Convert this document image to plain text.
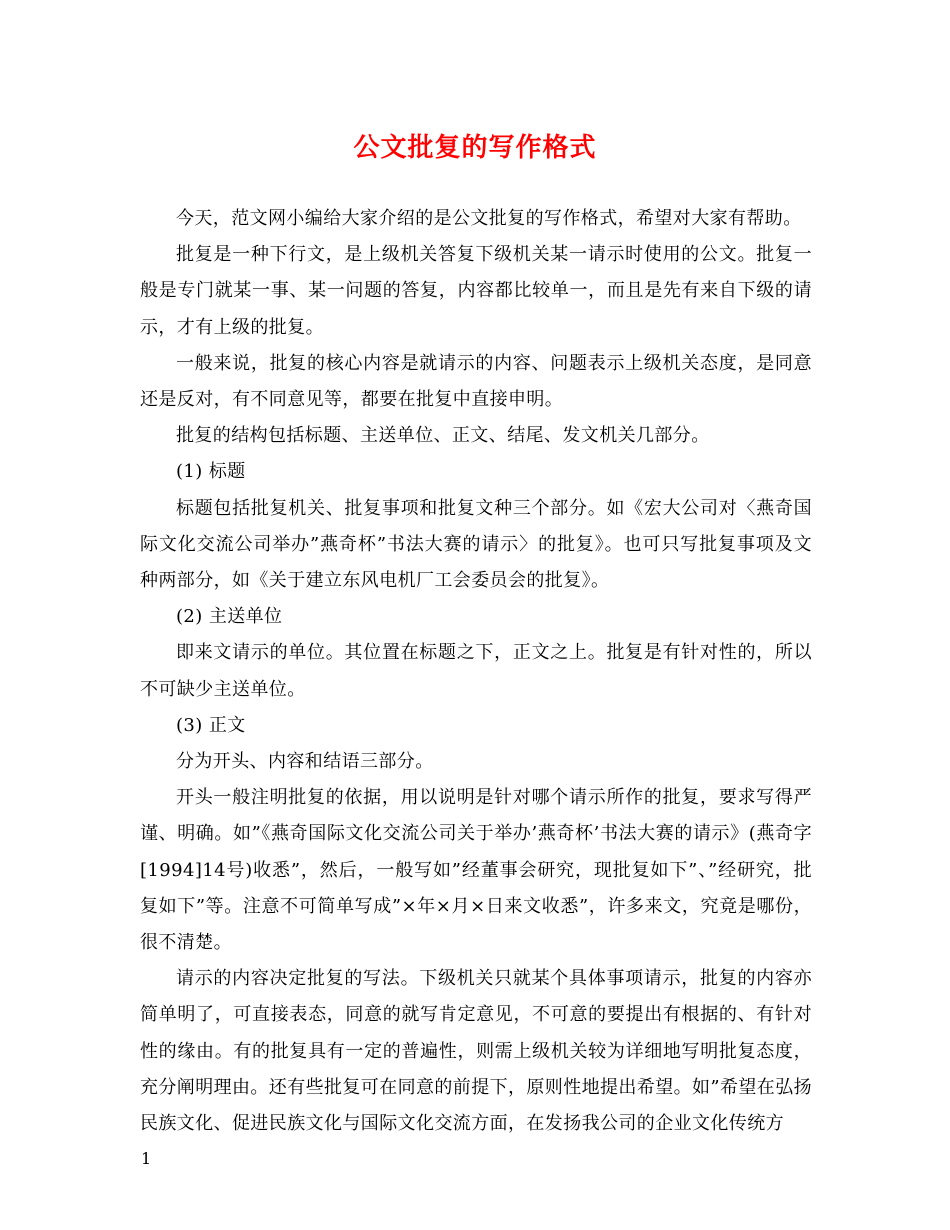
公文批复的写作格式

今天，范文网小编给大家介绍的是公文批复的写作格式，希望对大家有帮助。

批复是一种下行文，是上级机关答复下级机关某一请示时使用的公文。批复一般是专门就某一事、某一问题的答复，内容都比较单一，而且是先有来自下级的请示，才有上级的批复。

一般来说，批复的核心内容是就请示的内容、问题表示上级机关态度，是同意还是反对，有不同意见等，都要在批复中直接申明。

批复的结构包括标题、主送单位、正文、结尾、发文机关几部分。

(1) 标题

标题包括批复机关、批复事项和批复文种三个部分。如《宏大公司对〈燕奇国际文化交流公司举办”燕奇杯”书法大赛的请示〉的批复》。也可只写批复事项及文种两部分，如《关于建立东风电机厂工会委员会的批复》。

(2) 主送单位

即来文请示的单位。其位置在标题之下，正文之上。批复是有针对性的，所以不可缺少主送单位。

(3) 正文

分为开头、内容和结语三部分。

开头一般注明批复的依据，用以说明是针对哪个请示所作的批复，要求写得严谨、明确。如”《燕奇国际文化交流公司关于举办’燕奇杯’书法大赛的请示》(燕奇字[1994]14号)收悉”，然后，一般写如”经董事会研究，现批复如下”、”经研究，批复如下”等。注意不可简单写成”×年×月×日来文收悉”，许多来文，究竟是哪份，很不清楚。

请示的内容决定批复的写法。下级机关只就某个具体事项请示，批复的内容亦简单明了，可直接表态，同意的就写肯定意见，不可意的要提出有根据的、有针对性的缘由。有的批复具有一定的普遍性，则需上级机关较为详细地写明批复态度，充分阐明理由。还有些批复可在同意的前提下，原则性地提出希望。如”希望在弘扬民族文化、促进民族文化与国际文化交流方面，在发扬我公司的企业文化传统方

1
